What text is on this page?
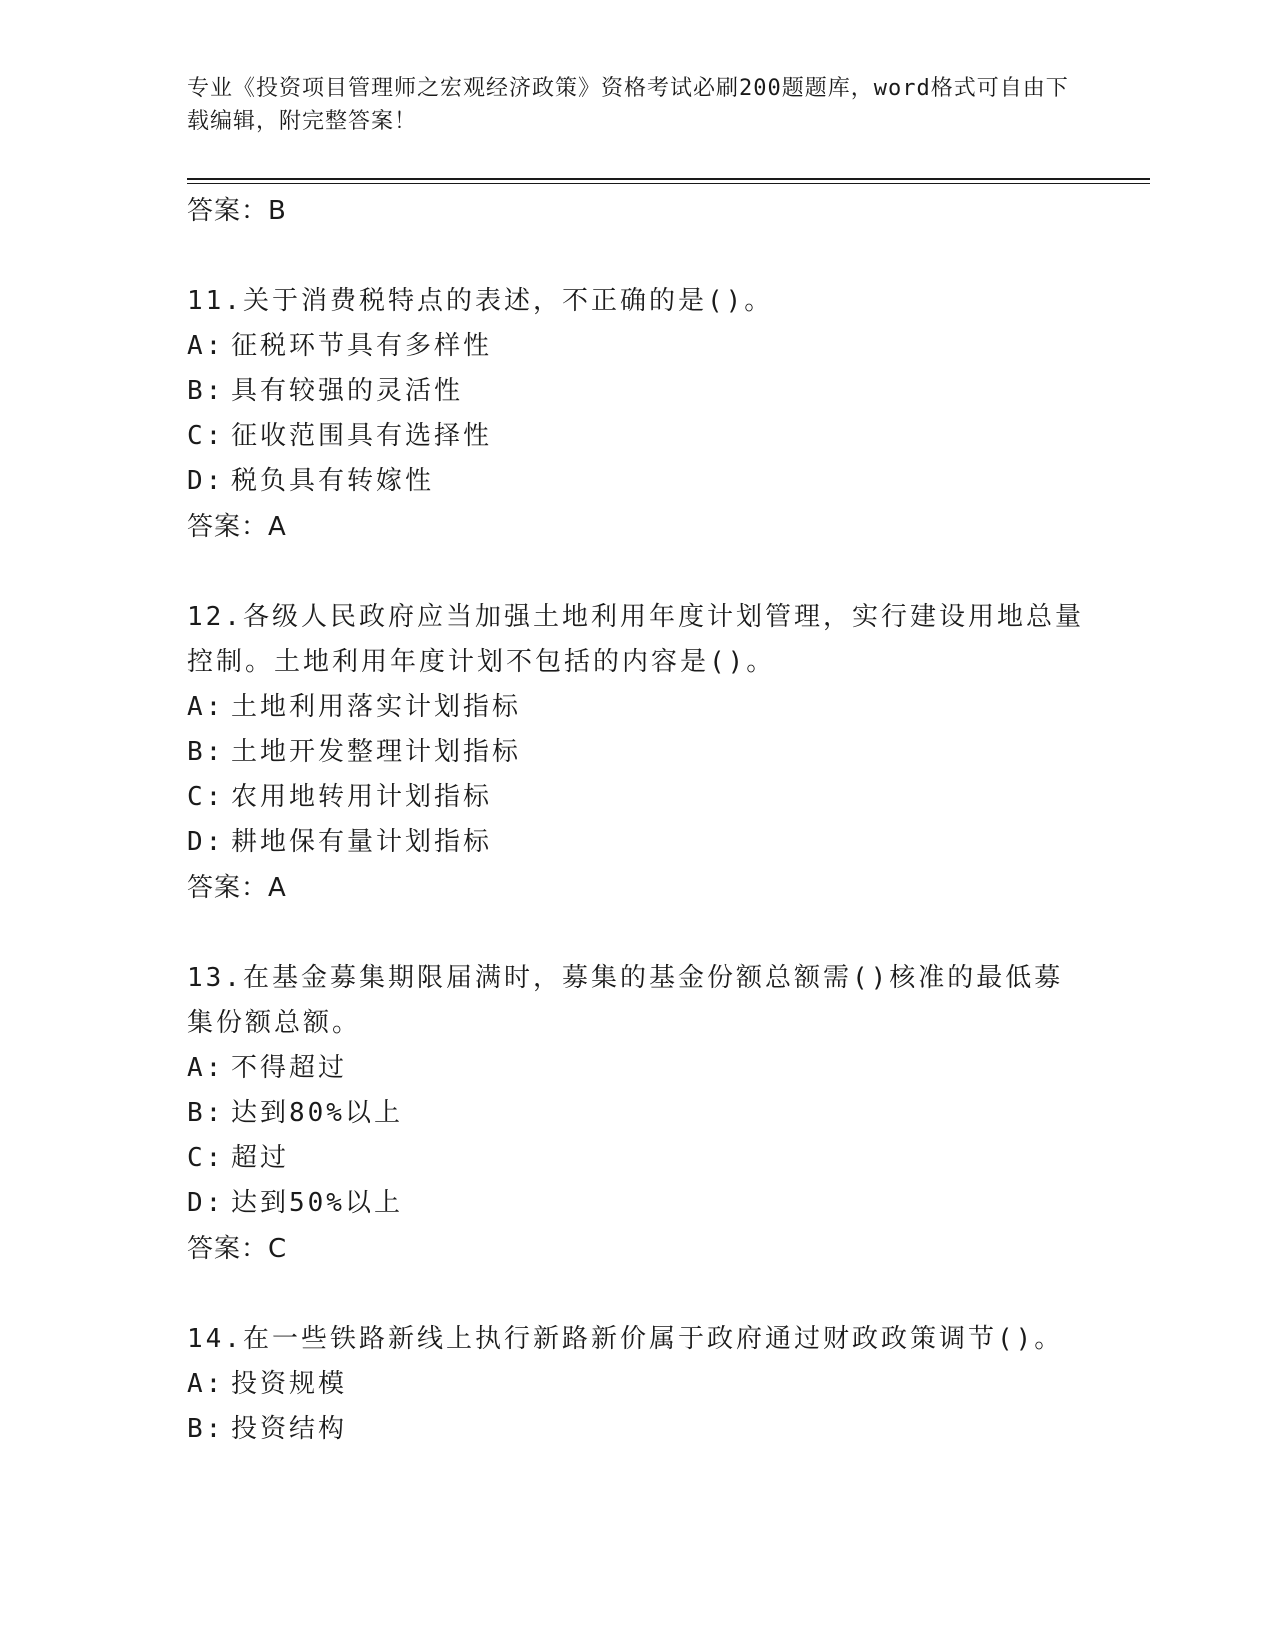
专业《投资项目管理师之宏观经济政策》资格考试必刷200题题库，word格式可自由下载编辑，附完整答案！
答案：B
11.关于消费税特点的表述，不正确的是()。
A: 征税环节具有多样性
B: 具有较强的灵活性
C: 征收范围具有选择性
D: 税负具有转嫁性
答案：A
12.各级人民政府应当加强土地利用年度计划管理，实行建设用地总量控制。土地利用年度计划不包括的内容是()。
A: 土地利用落实计划指标
B: 土地开发整理计划指标
C: 农用地转用计划指标
D: 耕地保有量计划指标
答案：A
13.在基金募集期限届满时，募集的基金份额总额需()核准的最低募集份额总额。
A: 不得超过
B: 达到80%以上
C: 超过
D: 达到50%以上
答案：C
14.在一些铁路新线上执行新路新价属于政府通过财政政策调节()。
A: 投资规模
B: 投资结构
